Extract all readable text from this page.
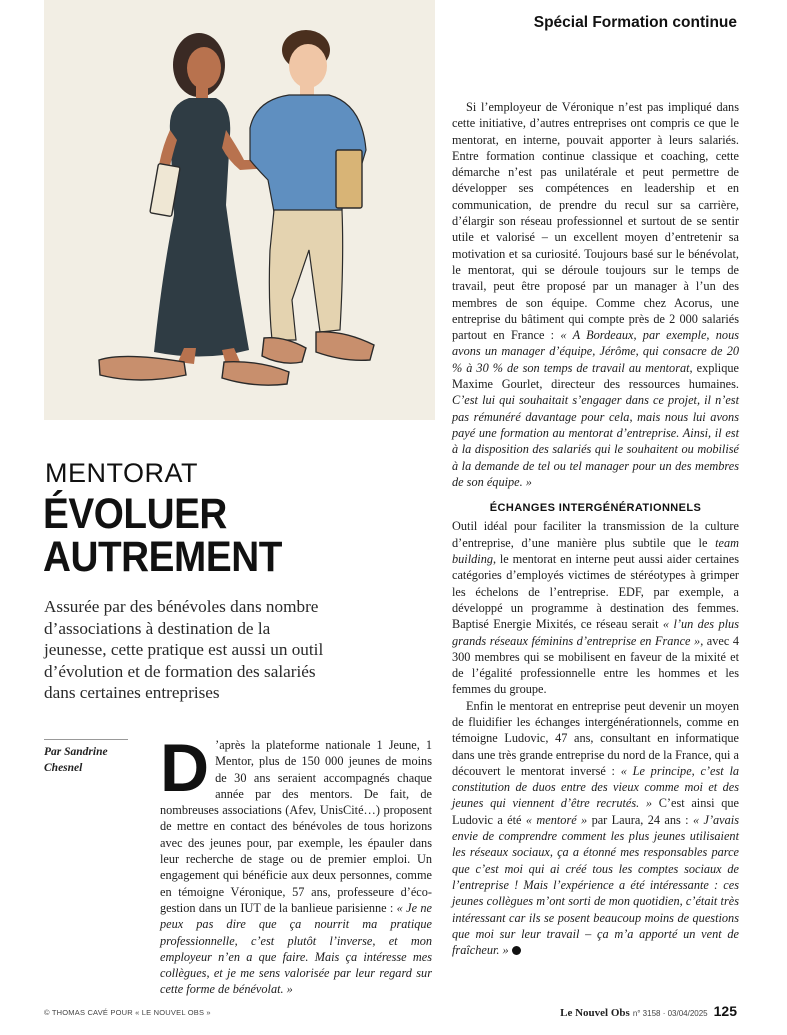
Spécial Formation continue
MENTORAT
ÉVOLUER
AUTREMENT
Assurée par des bénévoles dans nombre d’associations à destination de la jeunesse, cette pratique est aussi un outil d’évolution et de formation des salariés dans certaines entreprises
Par Sandrine Chesnel	D ’après la plateforme nationale 1 Jeune, 1 Mentor, plus de 150 000 jeunes de moins de 30 ans seraient accompagnés chaque année par des mentors. De fait, de nombreuses associations (Afev, UnisCité…) proposent de mettre en contact des bénévoles de tous horizons avec des jeunes pour, par exemple, les épauler dans leur recherche de stage ou de premier emploi. Un engagement qui bénéficie aux deux personnes, comme en témoigne Véronique, 57 ans, professeure d’éco-gestion dans un IUT de la banlieue parisienne : « Je ne peux pas dire que ça nourrit ma pratique professionnelle, c’est plutôt l’inverse, et mon employeur n’en a que faire. Mais ça intéresse mes collègues, et je me sens valorisée par leur regard sur cette forme de bénévolat. »

Si l’employeur de Véronique n’est pas impliqué dans cette initiative, d’autres entreprises ont compris ce que le mentorat, en interne, pouvait apporter à leurs salariés. Entre formation continue classique et coaching, cette démarche n’est pas unilatérale et peut permettre de développer ses compétences en leadership et en communication, de prendre du recul sur sa carrière, d’élargir son réseau professionnel et surtout de se sentir utile et valorisé – un excellent moyen d’entretenir sa motivation et sa curiosité. Toujours basé sur le bénévolat, le mentorat, qui se déroule toujours sur le temps de travail, peut être proposé par un manager à l’un des membres de son équipe. Comme chez Acorus, une entreprise du bâtiment qui compte près de 2 000 salariés partout en France : « A Bordeaux, par exemple, nous avons un manager d’équipe, Jérôme, qui consacre de 20 % à 30 % de son temps de travail au mentorat, explique Maxime Gourlet, directeur des ressources humaines. C’est lui qui souhaitait s’engager dans ce projet, il n’est pas rémunéré davantage pour cela, mais nous lui avons payé une formation au mentorat d’entreprise. Ainsi, il est à la disposition des salariés qui le souhaitent ou mobilisé à la demande de tel ou tel manager pour un des membres de son équipe. »

ÉCHANGES INTERGÉNÉRATIONNELS

Outil idéal pour faciliter la transmission de la culture d’entreprise, d’une manière plus subtile que le team building, le mentorat en interne peut aussi aider certaines catégories d’employés victimes de stéréotypes à grimper les échelons de l’entreprise. EDF, par exemple, a développé un programme à destination des femmes. Baptisé Energie Mixités, ce réseau serait « l’un des plus grands réseaux féminins d’entreprise en France », avec 4 300 membres qui se mobilisent en faveur de la mixité et de l’égalité professionnelle entre les hommes et les femmes du groupe.

Enfin le mentorat en entreprise peut devenir un moyen de fluidifier les échanges intergénérationnels, comme en témoigne Ludovic, 47 ans, consultant en informatique dans une très grande entreprise du nord de la France, qui a découvert le mentorat inversé : « Le principe, c’est la constitution de duos entre des vieux comme moi et des jeunes qui viennent d’être recrutés. » C’est ainsi que Ludovic a été « mentoré » par Laura, 24 ans : « J’avais envie de comprendre comment les plus jeunes utilisaient les réseaux sociaux, ça a étonné mes responsables parce que c’est moi qui ai créé tous les comptes sociaux de l’entreprise ! Mais l’expérience a été intéressante : ces jeunes collègues m’ont sorti de mon quotidien, c’était très intéressant car ils se posent beaucoup moins de questions que moi sur leur travail – ça m’a apporté un vent de fraîcheur. »

© THOMAS CAVÉ POUR « LE NOUVEL OBS »	Le Nouvel Obs n° 3158 · 03/04/2025 125
